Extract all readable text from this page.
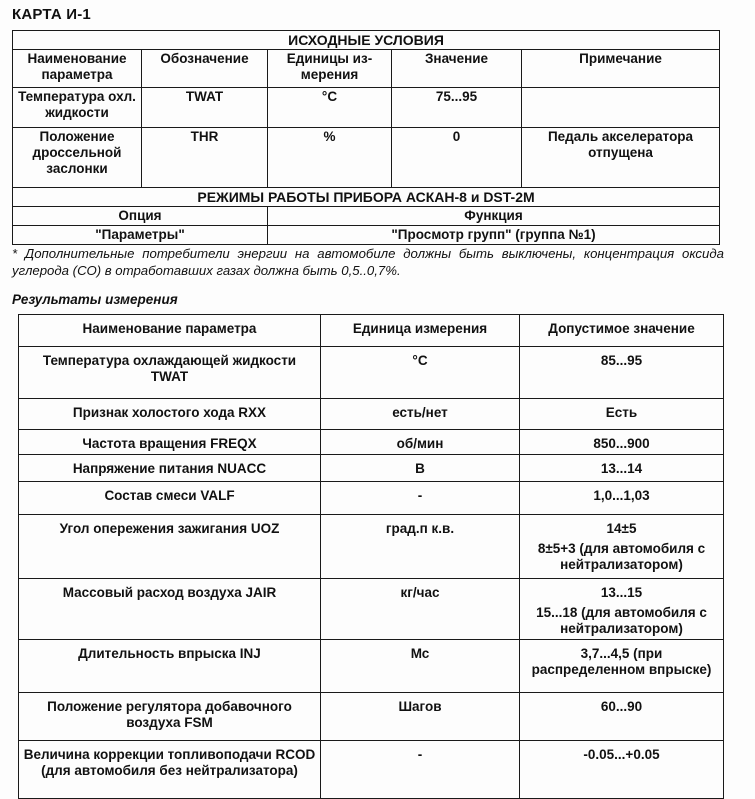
КАРТА И-1
ИСХОДНЫЕ УСЛОВИЯ				
Наименование параметра	Обозначение	Единицы из-мерения	Значение	Примечание
Температура охл. жидкости	TWAT	°С	75...95	
Положение дроссельной заслонки	THR	%	0	Педаль акселератора отпущена
РЕЖИМЫ РАБОТЫ ПРИБОРА АСКАН-8 и DST-2M				
Опция		Функция		
"Параметры"		"Просмотр групп" (группа №1)		
* Дополнительные потребители энергии на автомобиле должны быть выключены, концентрация оксида углерода (СО) в отработавших газах должна быть 0,5..0,7%.
Результаты измерения
Наименование параметра	Единица измерения	Допустимое значение
Температура охлаждающей жидкости TWAT	°С	85...95

Признак холостого хода RXX	есть/нет	Есть

Частота вращения FREQX	об/мин	850...900

Напряжение питания NUACC	В	13...14

Состав смеси VALF	-	1,0...1,03

Угол опережения зажигания UOZ	град.п к.в.	14±5

8±5+3 (для автомобиля с нейтрализатором)

Массовый расход воздуха JAIR	кг/час	13...15

15...18 (для автомобиля с нейтрализатором)

Длительность впрыска INJ	Мс	3,7...4,5 (при распределенном впрыске)

Положение регулятора добавочного воздуха FSM	Шагов	60...90

Величина коррекции топливоподачи RCOD (для автомобиля без нейтрализатора)	-	-0.05...+0.05
